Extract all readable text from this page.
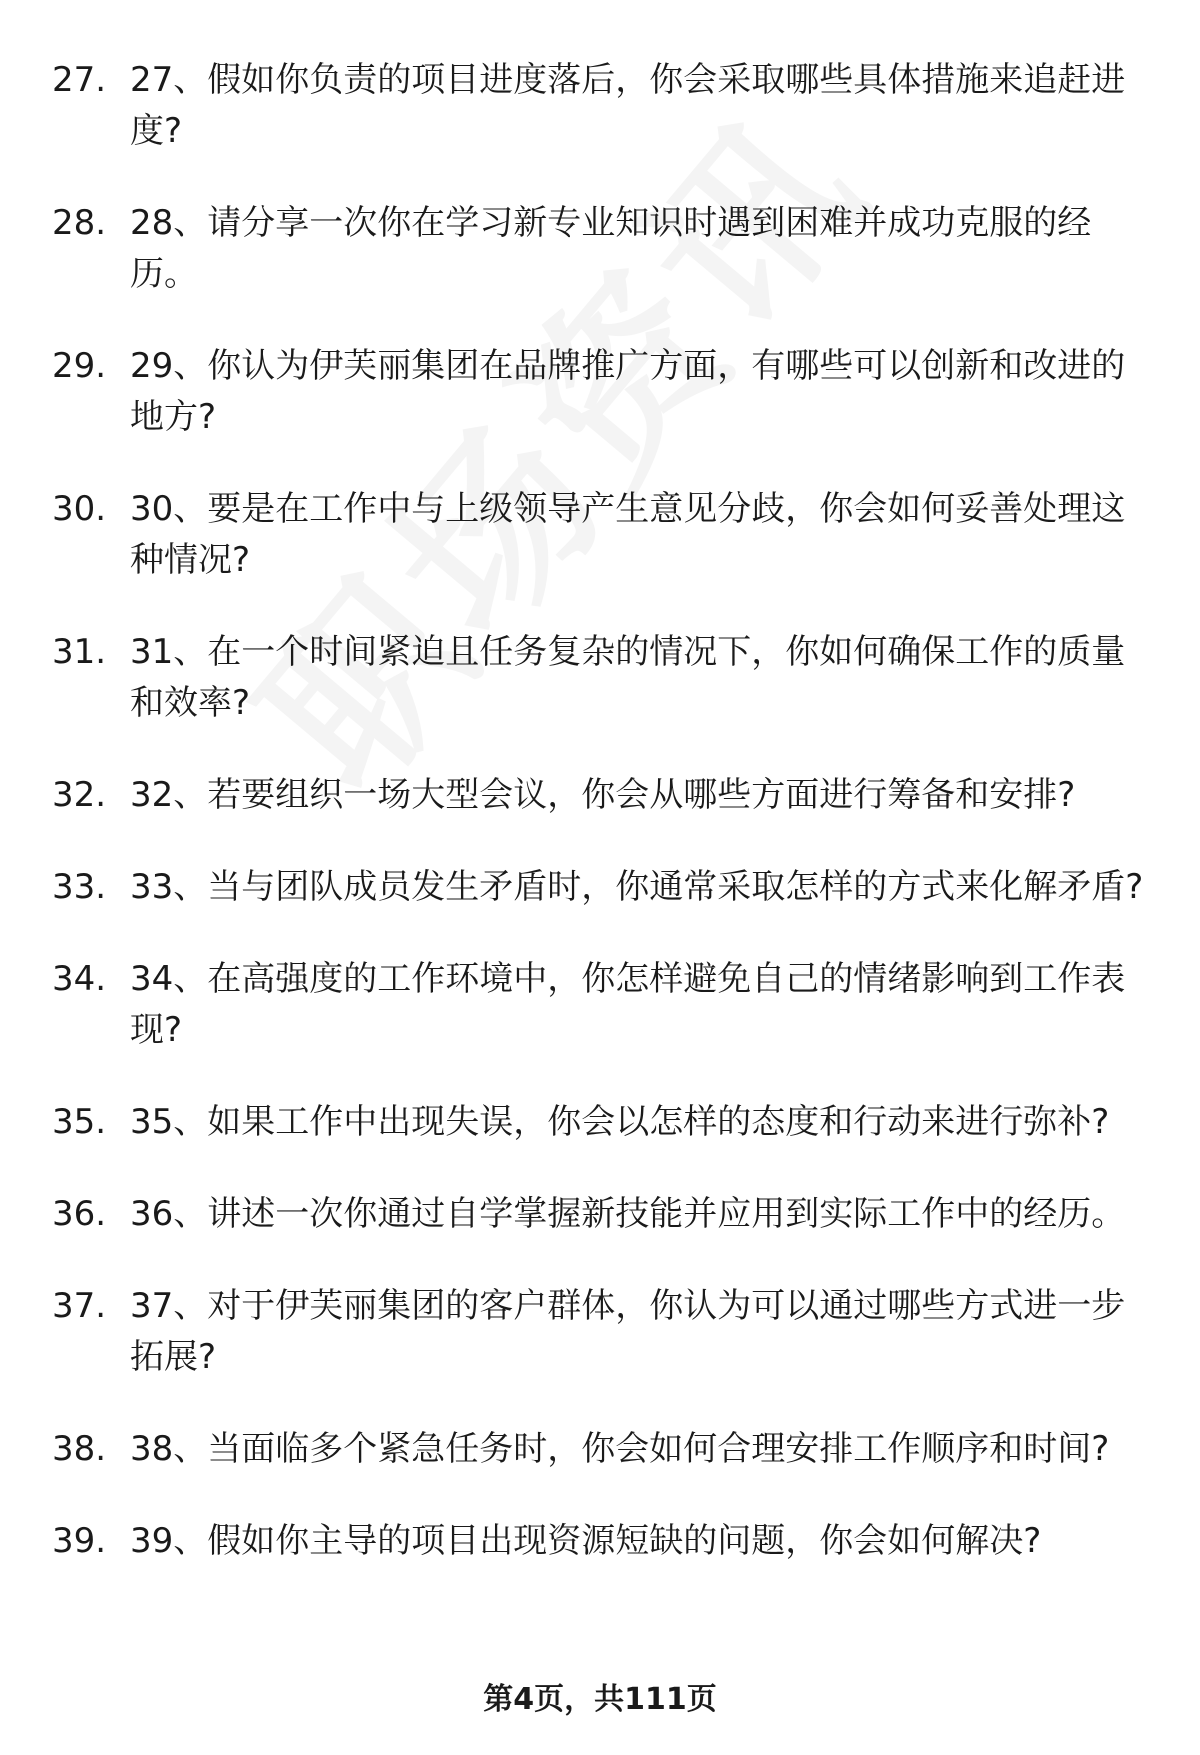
27. 27、假如你负责的项目进度落后，你会采取哪些具体措施来追赶进度?
28. 28、请分享一次你在学习新专业知识时遇到困难并成功克服的经历。
29. 29、你认为伊芙丽集团在品牌推广方面，有哪些可以创新和改进的地方?
30. 30、要是在工作中与上级领导产生意见分歧，你会如何妥善处理这种情况?
31. 31、在一个时间紧迫且任务复杂的情况下，你如何确保工作的质量和效率?
32. 32、若要组织一场大型会议，你会从哪些方面进行筹备和安排?
33. 33、当与团队成员发生矛盾时，你通常采取怎样的方式来化解矛盾?
34. 34、在高强度的工作环境中，你怎样避免自己的情绪影响到工作表现?
35. 35、如果工作中出现失误，你会以怎样的态度和行动来进行弥补?
36. 36、讲述一次你通过自学掌握新技能并应用到实际工作中的经历。
37. 37、对于伊芙丽集团的客户群体，你认为可以通过哪些方式进一步拓展?
38. 38、当面临多个紧急任务时，你会如何合理安排工作顺序和时间?
39. 39、假如你主导的项目出现资源短缺的问题，你会如何解决?
第4页，共111页
